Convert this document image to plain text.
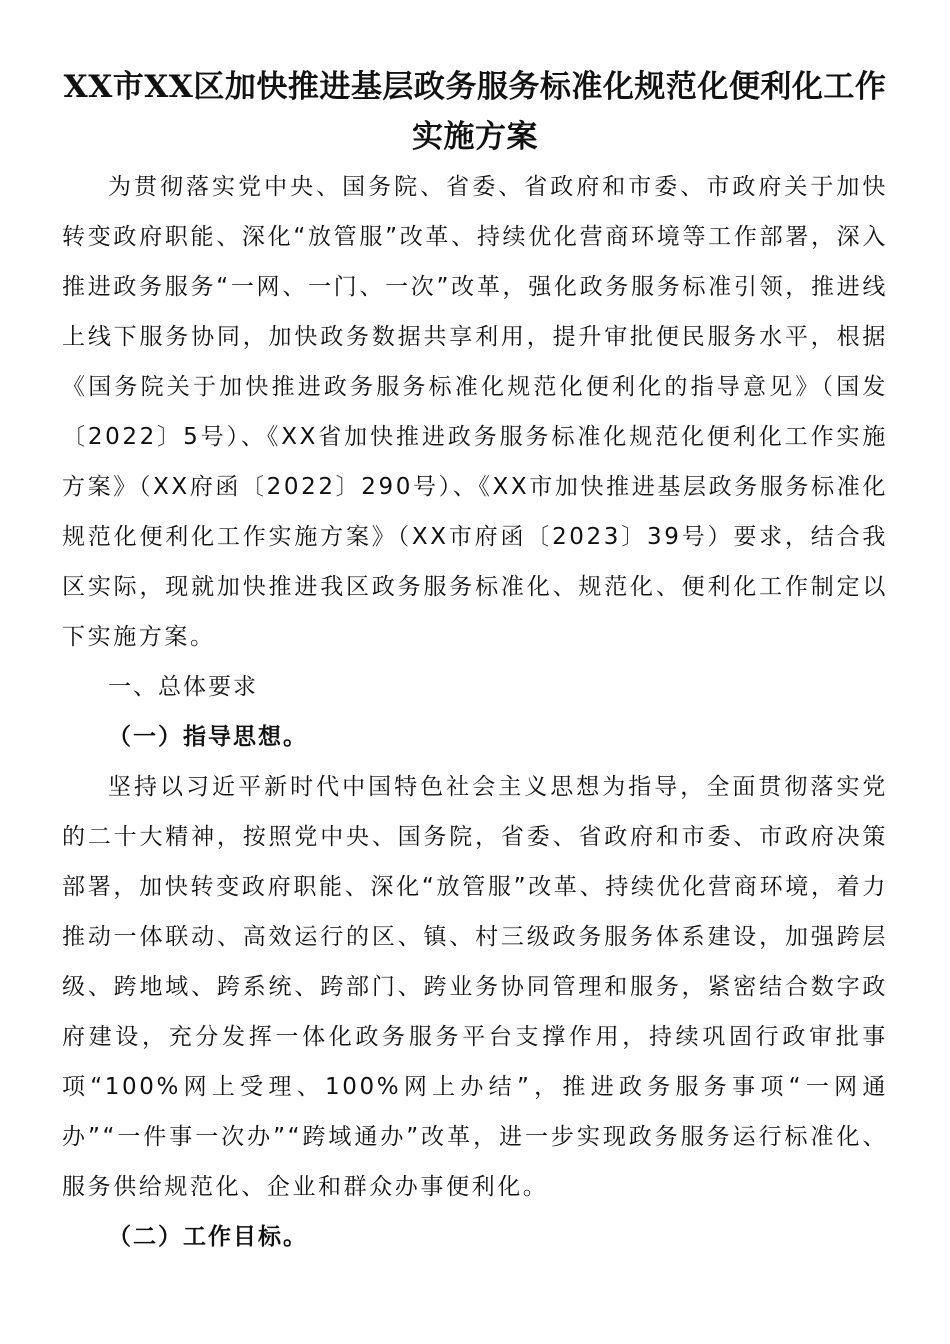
XX市XX区加快推进基层政务服务标准化规范化便利化工作实施方案

为贯彻落实党中央、国务院、省委、省政府和市委、市政府关于加快转变政府职能、深化“放管服”改革、持续优化营商环境等工作部署，深入推进政务服务“一网、一门、一次”改革，强化政务服务标准引领，推进线上线下服务协同，加快政务数据共享利用，提升审批便民服务水平，根据《国务院关于加快推进政务服务标准化规范化便利化的指导意见》（国发〔2022〕5号）、《XX省加快推进政务服务标准化规范化便利化工作实施方案》（XX府函〔2022〕290号）、《XX市加快推进基层政务服务标准化规范化便利化工作实施方案》（XX市府函〔2023〕39号）要求，结合我区实际，现就加快推进我区政务服务标准化、规范化、便利化工作制定以下实施方案。

一、总体要求

（一）指导思想。

坚持以习近平新时代中国特色社会主义思想为指导，全面贯彻落实党的二十大精神，按照党中央、国务院，省委、省政府和市委、市政府决策部署，加快转变政府职能、深化“放管服”改革、持续优化营商环境，着力推动一体联动、高效运行的区、镇、村三级政务服务体系建设，加强跨层级、跨地域、跨系统、跨部门、跨业务协同管理和服务，紧密结合数字政府建设，充分发挥一体化政务服务平台支撑作用，持续巩固行政审批事项“100%网上受理、100%网上办结”，推进政务服务事项“一网通办”“一件事一次办”“跨域通办”改革，进一步实现政务服务运行标准化、服务供给规范化、企业和群众办事便利化。

（二）工作目标。
